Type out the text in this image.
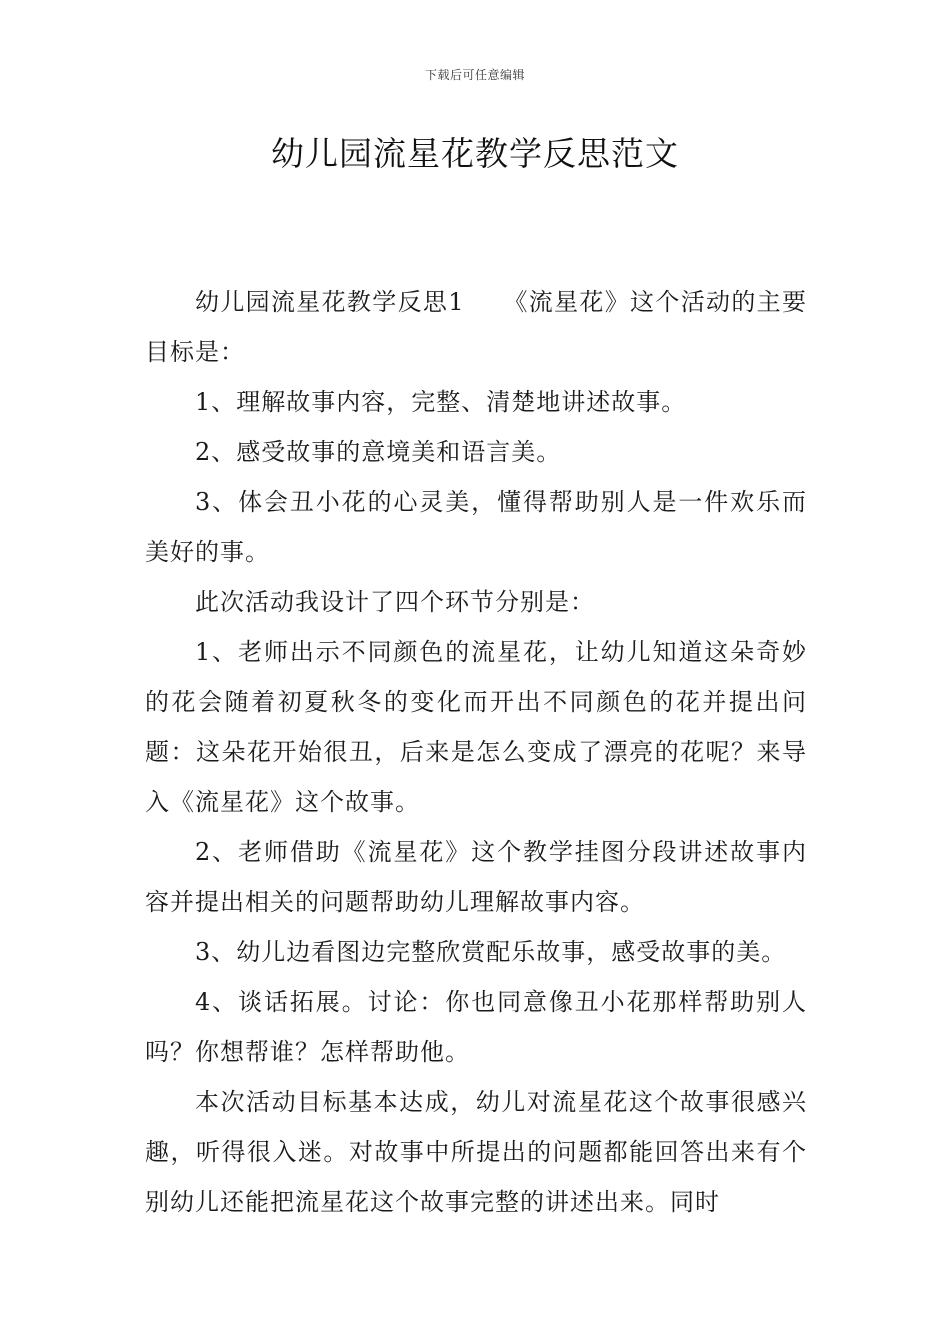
下载后可任意编辑
幼儿园流星花教学反思范文

幼儿园流星花教学反思1　　《流星花》这个活动的主要目标是：

1、理解故事内容，完整、清楚地讲述故事。

2、感受故事的意境美和语言美。

3、体会丑小花的心灵美，懂得帮助别人是一件欢乐而美好的事。

此次活动我设计了四个环节分别是：

1、老师出示不同颜色的流星花，让幼儿知道这朵奇妙的花会随着初夏秋冬的变化而开出不同颜色的花并提出问题：这朵花开始很丑，后来是怎么变成了漂亮的花呢？来导入《流星花》这个故事。

2、老师借助《流星花》这个教学挂图分段讲述故事内容并提出相关的问题帮助幼儿理解故事内容。

3、幼儿边看图边完整欣赏配乐故事，感受故事的美。

4、谈话拓展。讨论：你也同意像丑小花那样帮助别人吗？你想帮谁？怎样帮助他。

本次活动目标基本达成，幼儿对流星花这个故事很感兴趣，听得很入迷。对故事中所提出的问题都能回答出来有个别幼儿还能把流星花这个故事完整的讲述出来。同时
